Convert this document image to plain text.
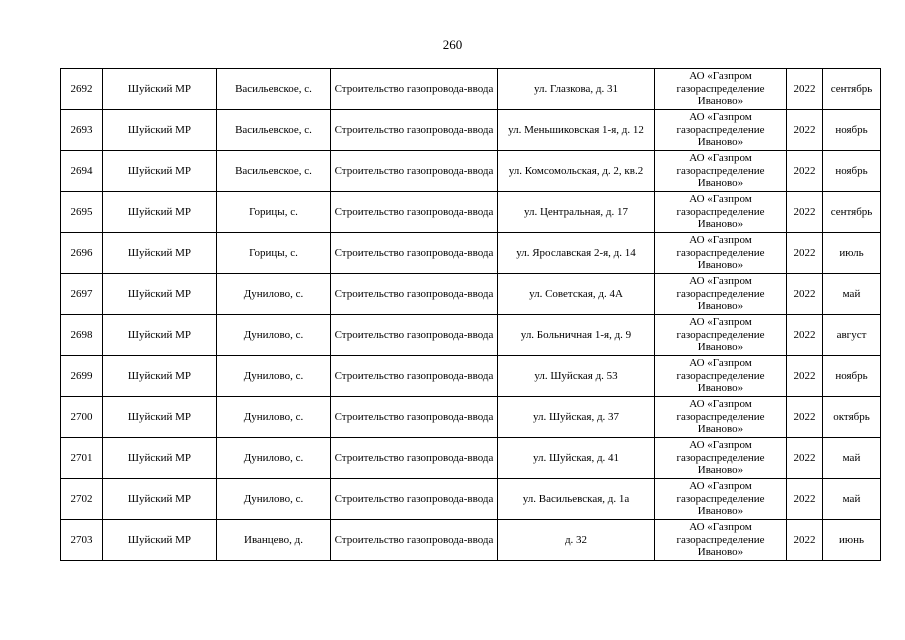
260
2692	Шуйский МР	Васильевское, с.	Строительство газопровода-ввода	ул. Глазкова, д. 31	АО «Газпром газораспределение Иваново»	2022	сентябрь
2693	Шуйский МР	Васильевское, с.	Строительство газопровода-ввода	ул. Меньшиковская 1-я, д. 12	АО «Газпром газораспределение Иваново»	2022	ноябрь
2694	Шуйский МР	Васильевское, с.	Строительство газопровода-ввода	ул. Комсомольская, д. 2, кв.2	АО «Газпром газораспределение Иваново»	2022	ноябрь
2695	Шуйский МР	Горицы, с.	Строительство газопровода-ввода	ул. Центральная, д. 17	АО «Газпром газораспределение Иваново»	2022	сентябрь
2696	Шуйский МР	Горицы, с.	Строительство газопровода-ввода	ул. Ярославская 2-я, д. 14	АО «Газпром газораспределение Иваново»	2022	июль
2697	Шуйский МР	Дунилово, с.	Строительство газопровода-ввода	ул. Советская, д. 4А	АО «Газпром газораспределение Иваново»	2022	май
2698	Шуйский МР	Дунилово, с.	Строительство газопровода-ввода	ул. Больничная 1-я, д. 9	АО «Газпром газораспределение Иваново»	2022	август
2699	Шуйский МР	Дунилово, с.	Строительство газопровода-ввода	ул. Шуйская д. 53	АО «Газпром газораспределение Иваново»	2022	ноябрь
2700	Шуйский МР	Дунилово, с.	Строительство газопровода-ввода	ул. Шуйская, д. 37	АО «Газпром газораспределение Иваново»	2022	октябрь
2701	Шуйский МР	Дунилово, с.	Строительство газопровода-ввода	ул. Шуйская, д. 41	АО «Газпром газораспределение Иваново»	2022	май
2702	Шуйский МР	Дунилово, с.	Строительство газопровода-ввода	ул. Васильевская, д. 1а	АО «Газпром газораспределение Иваново»	2022	май
2703	Шуйский МР	Иванцево, д.	Строительство газопровода-ввода	д. 32	АО «Газпром газораспределение Иваново»	2022	июнь
